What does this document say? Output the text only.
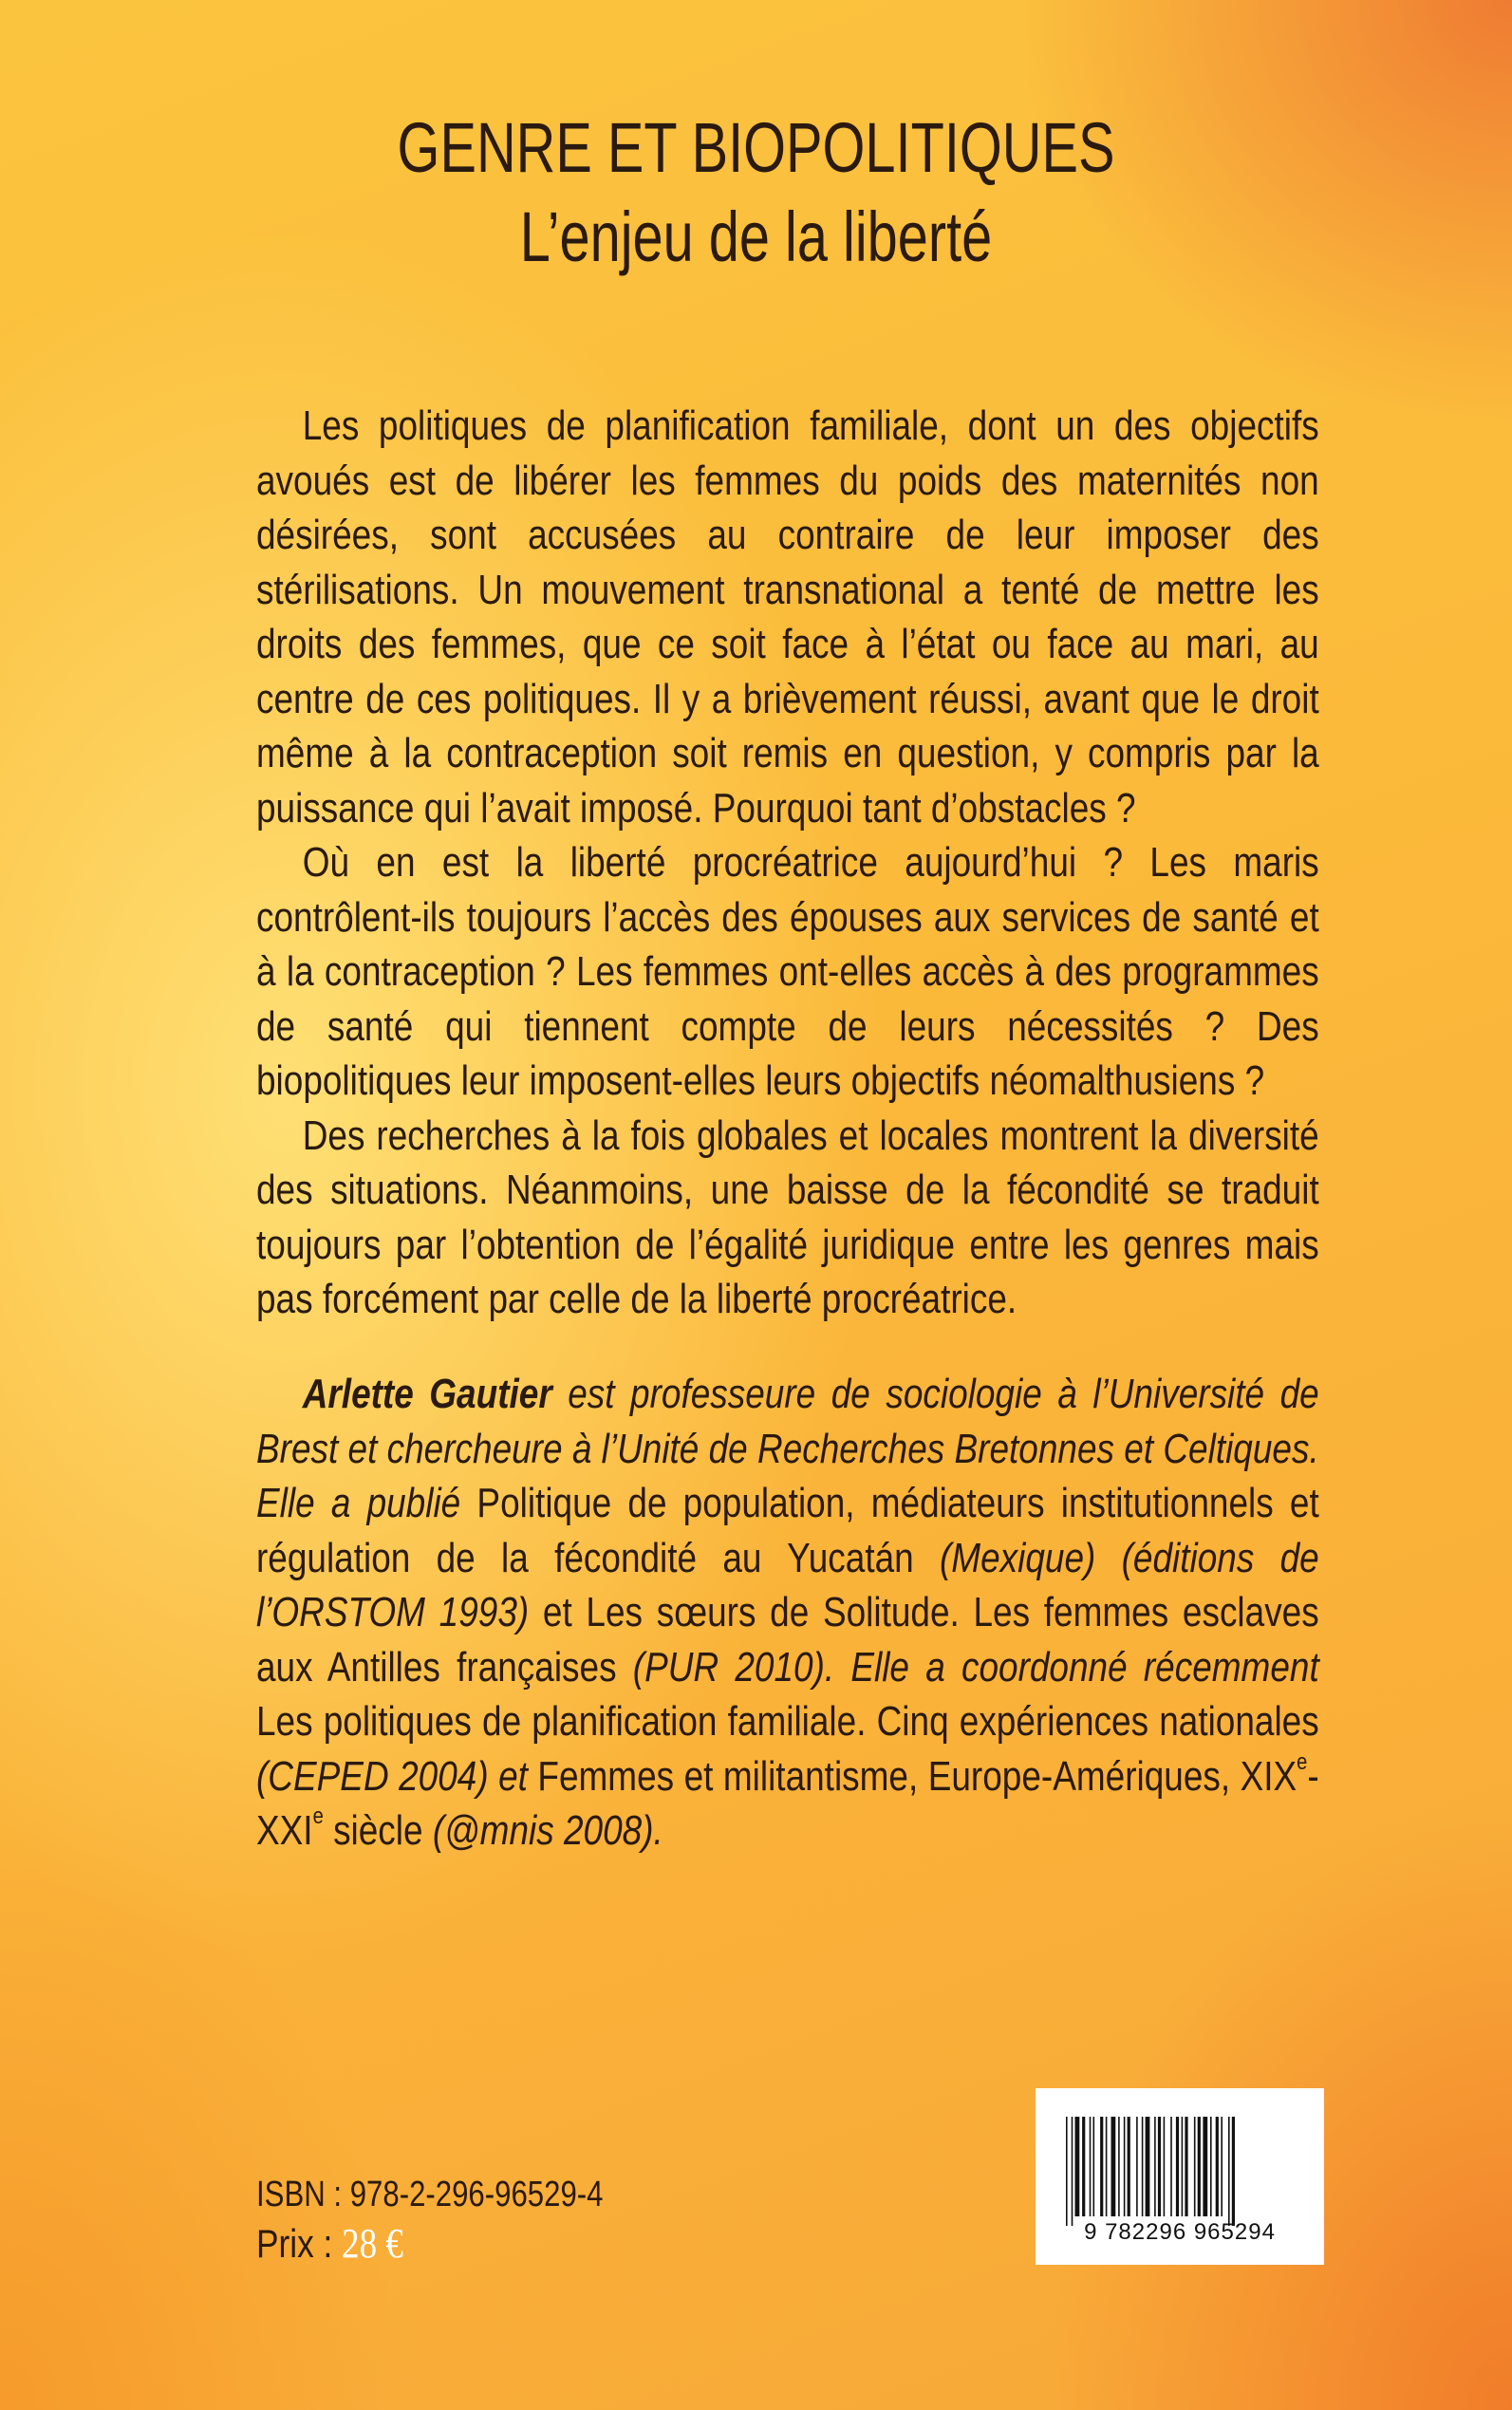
GENRE ET BIOPOLITIQUES
L’enjeu de la liberté

Les politiques de planification familiale, dont un des objectifs avoués est de libérer les femmes du poids des maternités non désirées, sont accusées au contraire de leur imposer des stérilisations. Un mouvement transnational a tenté de mettre les droits des femmes, que ce soit face à l’état ou face au mari, au centre de ces politiques. Il y a brièvement réussi, avant que le droit même à la contraception soit remis en question, y compris par la puissance qui l’avait imposé. Pourquoi tant d’obstacles ?

Où en est la liberté procréatrice aujourd’hui ? Les maris contrôlent-ils toujours l’accès des épouses aux services de santé et à la contraception ? Les femmes ont-elles accès à des programmes de santé qui tiennent compte de leurs nécessités ? Des biopolitiques leur imposent-elles leurs objectifs néomalthusiens ?

Des recherches à la fois globales et locales montrent la diversité des situations. Néanmoins, une baisse de la fécondité se traduit toujours par l’obtention de l’égalité juridique entre les genres mais pas forcément par celle de la liberté procréatrice.

Arlette Gautier est professeure de sociologie à l’Université de Brest et chercheure à l’Unité de Recherches Bretonnes et Celtiques. Elle a publié Politique de population, médiateurs institutionnels et régulation de la fécondité au Yucatán (Mexique) (éditions de l’ORSTOM 1993) et Les sœurs de Solitude. Les femmes esclaves aux Antilles françaises (PUR 2010). Elle a coordonné récemment Les politiques de planification familiale. Cinq expériences nationales (CEPED 2004) et Femmes et militantisme, Europe-Amériques, XIXe-XXIe siècle (@mnis 2008).

ISBN : 978-2-296-96529-4
Prix : 28 €	9 782296 965294
